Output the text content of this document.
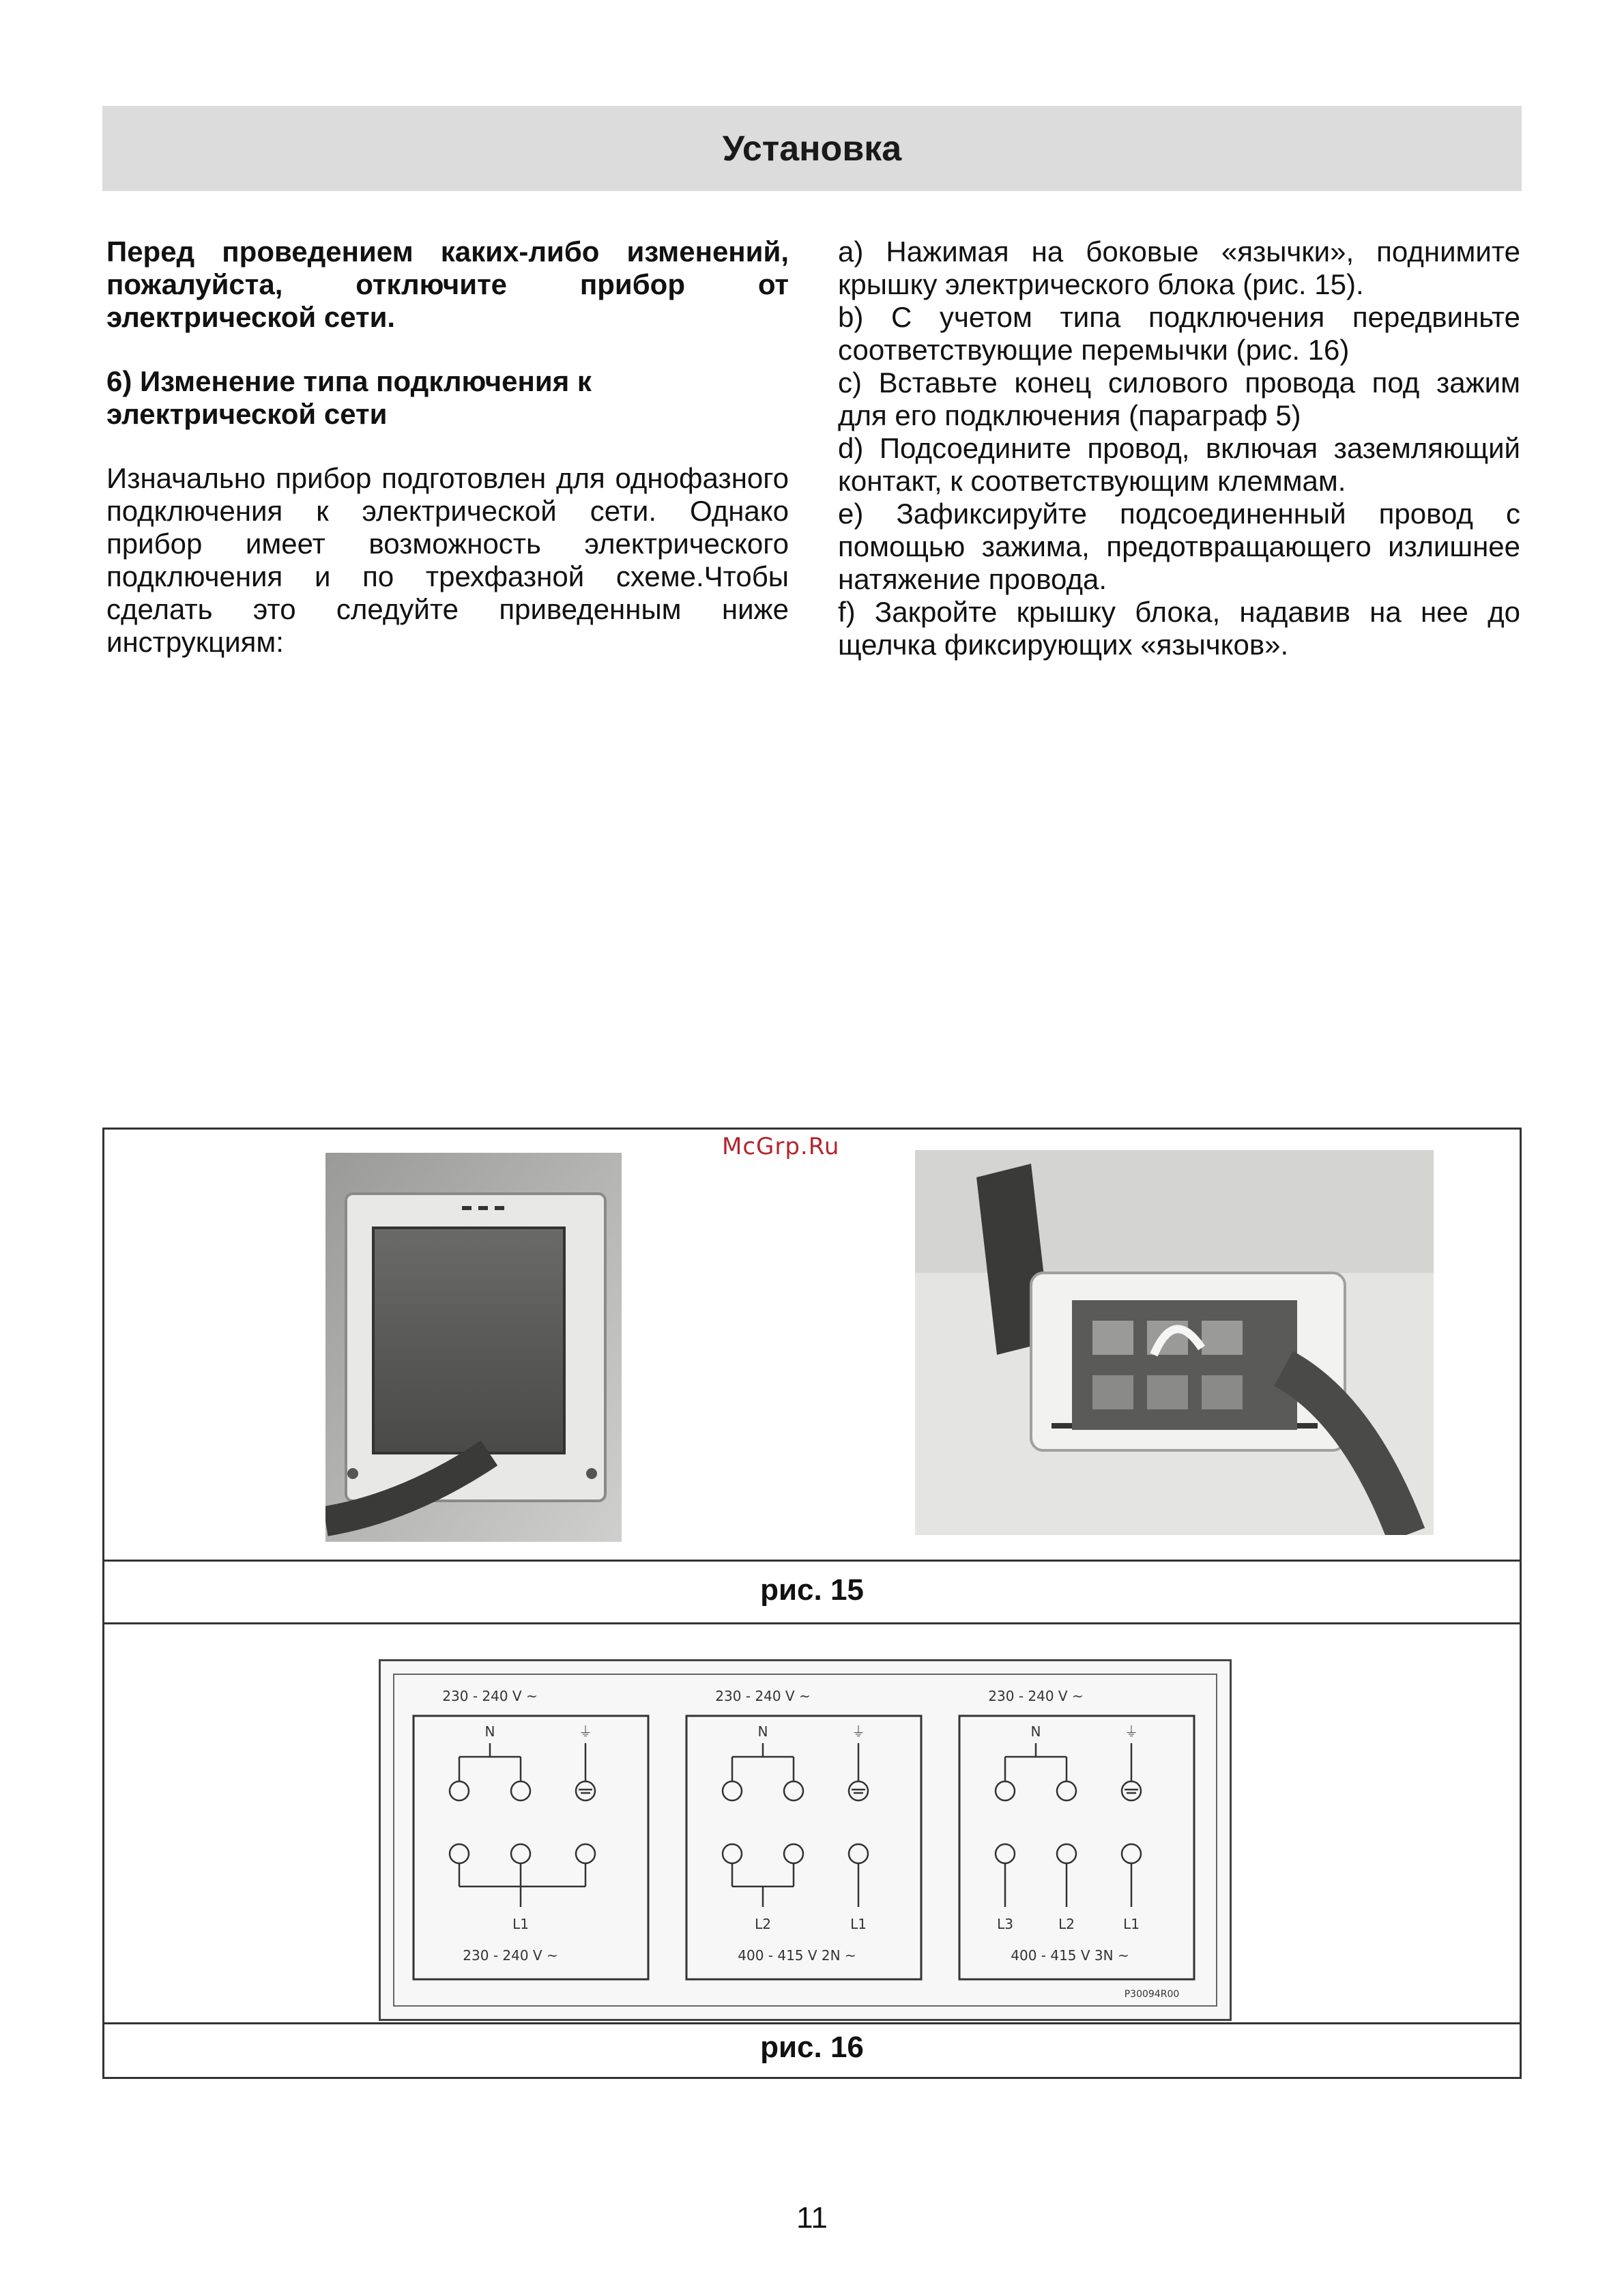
Установка

Перед проведением каких-либо изменений, пожалуйста, отключите прибор от электрической сети.

6) Изменение типа подключения к электрической сети

Изначально прибор подготовлен для однофазного подключения к электрической сети. Однако прибор имеет возможность электрического подключения и по трехфазной схеме.Чтобы сделать это следуйте приведенным ниже инструкциям:

а) Нажимая на боковые «язычки», поднимите крышку электрического блока (рис. 15).

b) С учетом типа подключения передвиньте соответствующие перемычки (рис. 16)

с) Вставьте конец силового провода под зажим для его подключения (параграф 5)

d) Подсоедините провод, включая заземляющий контакт, к соответствующим клеммам.

е) Зафиксируйте подсоединенный провод с помощью зажима, предотвращающего излишнее натяжение провода.

f) Закройте крышку блока, надавив на нее до щелчка фиксирующих «язычков».

рис. 15
230 - 240 V ~
N	⏚
L1
230 - 240 V ~
230 - 240 V ~
N	⏚
L2	L1
400 - 415 V 2N ~
230 - 240 V ~
N	⏚
L3	L2	L1
400 - 415 V 3N ~
P30094R00
рис. 16
McGrp.Ru
11
